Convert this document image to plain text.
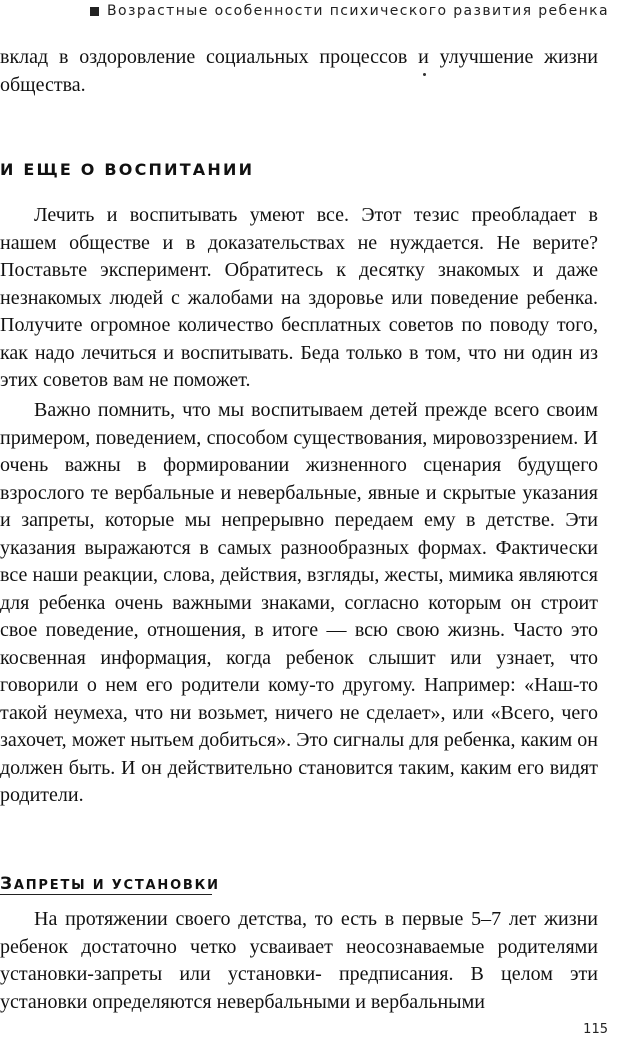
Возрастные особенности психического развития ребенка

вклад в оздоровление социальных процессов и улучшение жизни общества.

И ЕЩЕ О ВОСПИТАНИИ

Лечить и воспитывать умеют все. Этот тезис преобладает в нашем обществе и в доказательствах не нуждается. Не верите? Поставьте эксперимент. Обратитесь к десятку знакомых и даже незнакомых людей с жалобами на здоровье или поведение ребенка. Получите огромное количество бесплатных советов по поводу того, как надо лечиться и воспитывать. Беда только в том, что ни один из этих советов вам не поможет.

Важно помнить, что мы воспитываем детей прежде всего своим примером, поведением, способом существования, мировоззрением. И очень важны в формировании жизненного сценария будущего взрослого те вербальные и невербальные, явные и скрытые указания и запреты, которые мы непрерывно передаем ему в детстве. Эти указания выражаются в самых разнообразных формах. Фактически все наши реакции, слова, действия, взгляды, жесты, мимика являются для ребенка очень важными знаками, согласно которым он строит свое поведение, отношения, в итоге — всю свою жизнь. Часто это косвенная информация, когда ребенок слышит или узнает, что говорили о нем его родители кому-то другому. Например: «Наш-то такой неумеха, что ни возьмет, ничего не сделает», или «Всего, чего захочет, может нытьем добиться». Это сигналы для ребенка, каким он должен быть. И он действительно становится таким, каким его видят родители.

ЗАПРЕТЫ И УСТАНОВКИ

На протяжении своего детства, то есть в первые 5–7 лет жизни ребенок достаточно четко усваивает неосознаваемые родителями установки-запреты или установки- предписания. В целом эти установки определяются невербальными и вербальными

115
